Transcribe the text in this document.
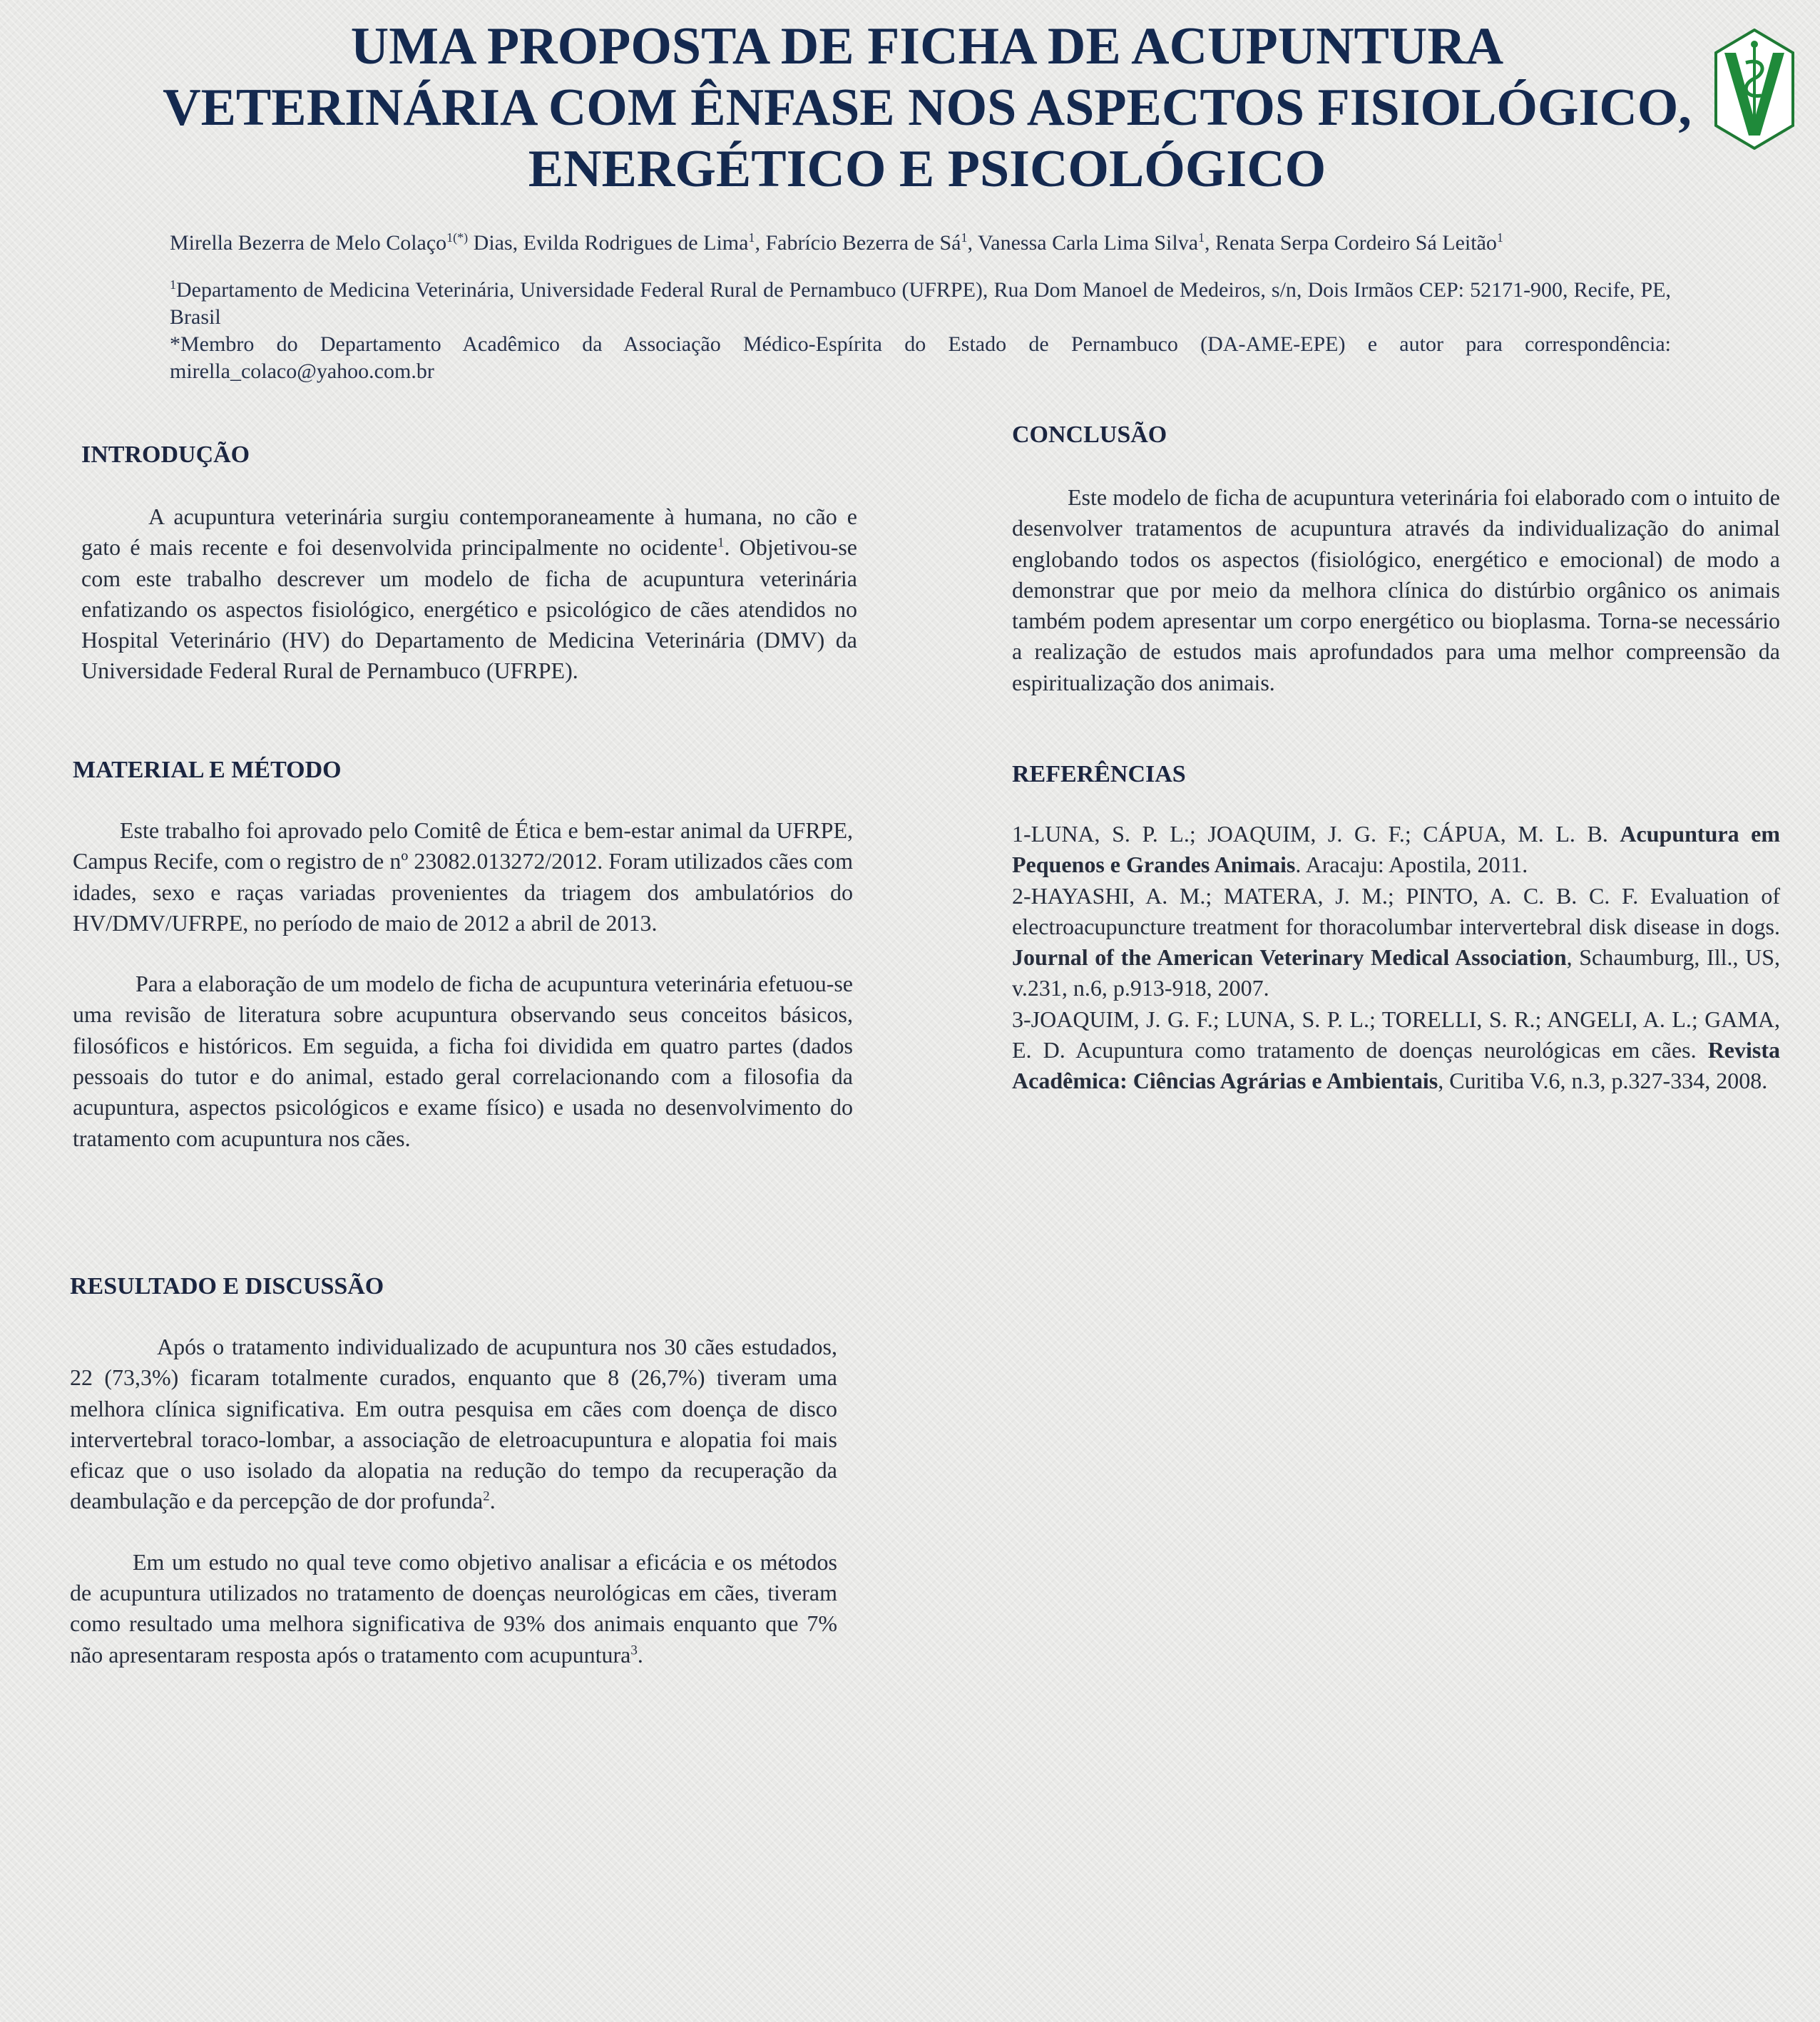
UMA PROPOSTA DE FICHA DE ACUPUNTURA
VETERINÁRIA COM ÊNFASE NOS ASPECTOS FISIOLÓGICO,
ENERGÉTICO E PSICOLÓGICO

Mirella Bezerra de Melo Colaço$^{1(*)}$ Dias, Evilda Rodrigues de Lima$^1$, Fabrício Bezerra de $Sá^1$, Vanessa Carla Lima Silva$^1$, Renata Serpa Cordeiro Sá Leitão$^1$

$^1$Departamento de Medicina Veterinária, Universidade Federal Rural de Pernambuco (UFRPE), Rua Dom Manoel de Medeiros, s/n, Dois Irmãos CEP: 52171-900, Recife, PE, Brasil

*Membro do Departamento Acadêmico da Associação Médico-Espírita do Estado de Pernambuco (DA-AME-EPE) e autor para correspondência:

mirella_colaco@yahoo.com.br

INTRODUÇÃO

A acupuntura veterinária surgiu contemporaneamente à humana, no cão e gato é mais recente e foi desenvolvida principalmente no ocidente$^1$. Objetivou-se com este trabalho descrever um modelo de ficha de acupuntura veterinária enfatizando os aspectos fisiológico, energético e psicológico de cães atendidos no Hospital Veterinário (HV) do Departamento de Medicina Veterinária (DMV) da Universidade Federal Rural de Pernambuco (UFRPE).

MATERIAL E MÉTODO

Este trabalho foi aprovado pelo Comitê de Ética e bem-estar animal da UFRPE, Campus Recife, com o registro de nº 23082.013272/2012. Foram utilizados cães com idades, sexo e raças variadas provenientes da triagem dos ambulatórios do HV/DMV/UFRPE, no período de maio de 2012 a abril de 2013.

Para a elaboração de um modelo de ficha de acupuntura veterinária efetuou-se uma revisão de literatura sobre acupuntura observando seus conceitos básicos, filosóficos e históricos. Em seguida, a ficha foi dividida em quatro partes (dados pessoais do tutor e do animal, estado geral correlacionando com a filosofia da acupuntura, aspectos psicológicos e exame físico) e usada no desenvolvimento do tratamento com acupuntura nos cães.

RESULTADO E DISCUSSÃO

Após o tratamento individualizado de acupuntura nos 30 cães estudados, 22 (73,3%) ficaram totalmente curados, enquanto que 8 (26,7%) tiveram uma melhora clínica significativa. Em outra pesquisa em cães com doença de disco intervertebral toraco-lombar, a associação de eletroacupuntura e alopatia foi mais eficaz que o uso isolado da alopatia na redução do tempo da recuperação da deambulação e da percepção de dor profunda$^2$.

Em um estudo no qual teve como objetivo analisar a eficácia e os métodos de acupuntura utilizados no tratamento de doenças neurológicas em cães, tiveram como resultado uma melhora significativa de 93% dos animais enquanto que 7% não apresentaram resposta após o tratamento com acupuntura$^3$.

CONCLUSÃO

Este modelo de ficha de acupuntura veterinária foi elaborado com o intuito de desenvolver tratamentos de acupuntura através da individualização do animal englobando todos os aspectos (fisiológico, energético e emocional) de modo a demonstrar que por meio da melhora clínica do distúrbio orgânico os animais também podem apresentar um corpo energético ou bioplasma. Torna-se necessário a realização de estudos mais aprofundados para uma melhor compreensão da espiritualização dos animais.

REFERÊNCIAS

1-LUNA, S. P. L.; JOAQUIM, J. G. F.; CÁPUA, M. L. B. Acupuntura em Pequenos e Grandes Animais. Aracaju: Apostila, 2011.

2-HAYASHI, A. M.; MATERA, J. M.; PINTO, A. C. B. C. F. Evaluation of electroacupuncture treatment for thoracolumbar intervertebral disk disease in dogs. Journal of the American Veterinary Medical Association, Schaumburg, Ill., US, v.231, n.6, p.913-918, 2007.

3-JOAQUIM, J. G. F.; LUNA, S. P. L.; TORELLI, S. R.; ANGELI, A. L.; GAMA, E. D. Acupuntura como tratamento de doenças neurológicas em cães. Revista Acadêmica: Ciências Agrárias e Ambientais, Curitiba V.6, n.3, p.327-334, 2008.
